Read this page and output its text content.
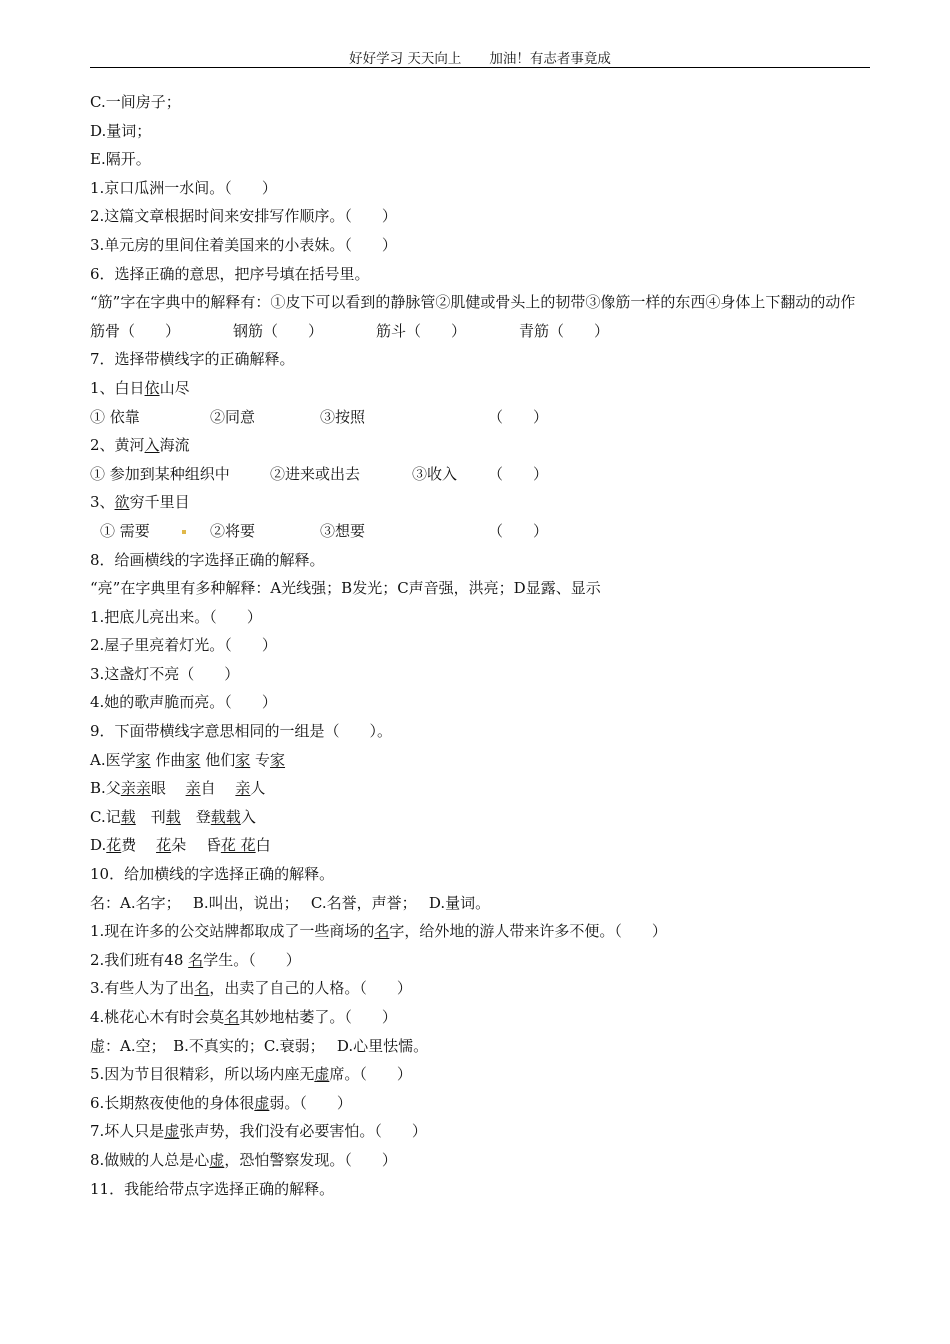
好好学习 天天向上 加油！有志者事竟成
C.一间房子；
D.量词；
E.隔开。
1.京口瓜洲一水间。（　　）
2.这篇文章根据时间来安排写作顺序。（　　）
3.单元房的里间住着美国来的小表妹。（　　）
6．选择正确的意思，把序号填在括号里。
“筋”字在字典中的解释有：①皮下可以看到的静脉管②肌健或骨头上的韧带③像筋一样的东西④身体上下翻动的动作
筋骨（　　）	钢筋（　　）	筋斗（　　）	青筋（　　）
7．选择带横线字的正确解释。
1、白日依山尽
① 依靠	②同意	③按照	（　　）
2、黄河入海流
① 参加到某种组织中	②进来或出去	③收入 （　　）
3、欲穷千里目
① 需要	②将要	③想要	（　　）
8．给画横线的字选择正确的解释。
“亮”在字典里有多种解释：A光线强；B发光；C声音强，洪亮；D显露、显示
1.把底儿亮出来。（　　）
2.屋子里亮着灯光。（　　）
3.这盏灯不亮（　　）
4.她的歌声脆而亮。（　　）
9．下面带横线字意思相同的一组是（　　）。
A.医学家 作曲家 他们家 专家
B.父亲亲眼　 亲自　 亲人
C.记载　刊载　登载载入
D.花费　 花朵　 昏花 花白
10．给加横线的字选择正确的解释。
名：A.名字；　 B.叫出，说出；　 C.名誉，声誉；　 D.量词。
1.现在许多的公交站牌都取成了一些商场的名字，给外地的游人带来许多不便。（　　）
2.我们班有48 名学生。（　　）
3.有些人为了出名，出卖了自己的人格。（　　）
4.桃花心木有时会莫名其妙地枯萎了。（　　）
虚：A.空；　B.不真实的；C.衰弱；　 D.心里怯懦。
5.因为节目很精彩，所以场内座无虚席。（　　）
6.长期熬夜使他的身体很虚弱。（　　）
7.坏人只是虚张声势，我们没有必要害怕。（　　）
8.做贼的人总是心虚，恐怕警察发现。（　　）
11．我能给带点字选择正确的解释。
